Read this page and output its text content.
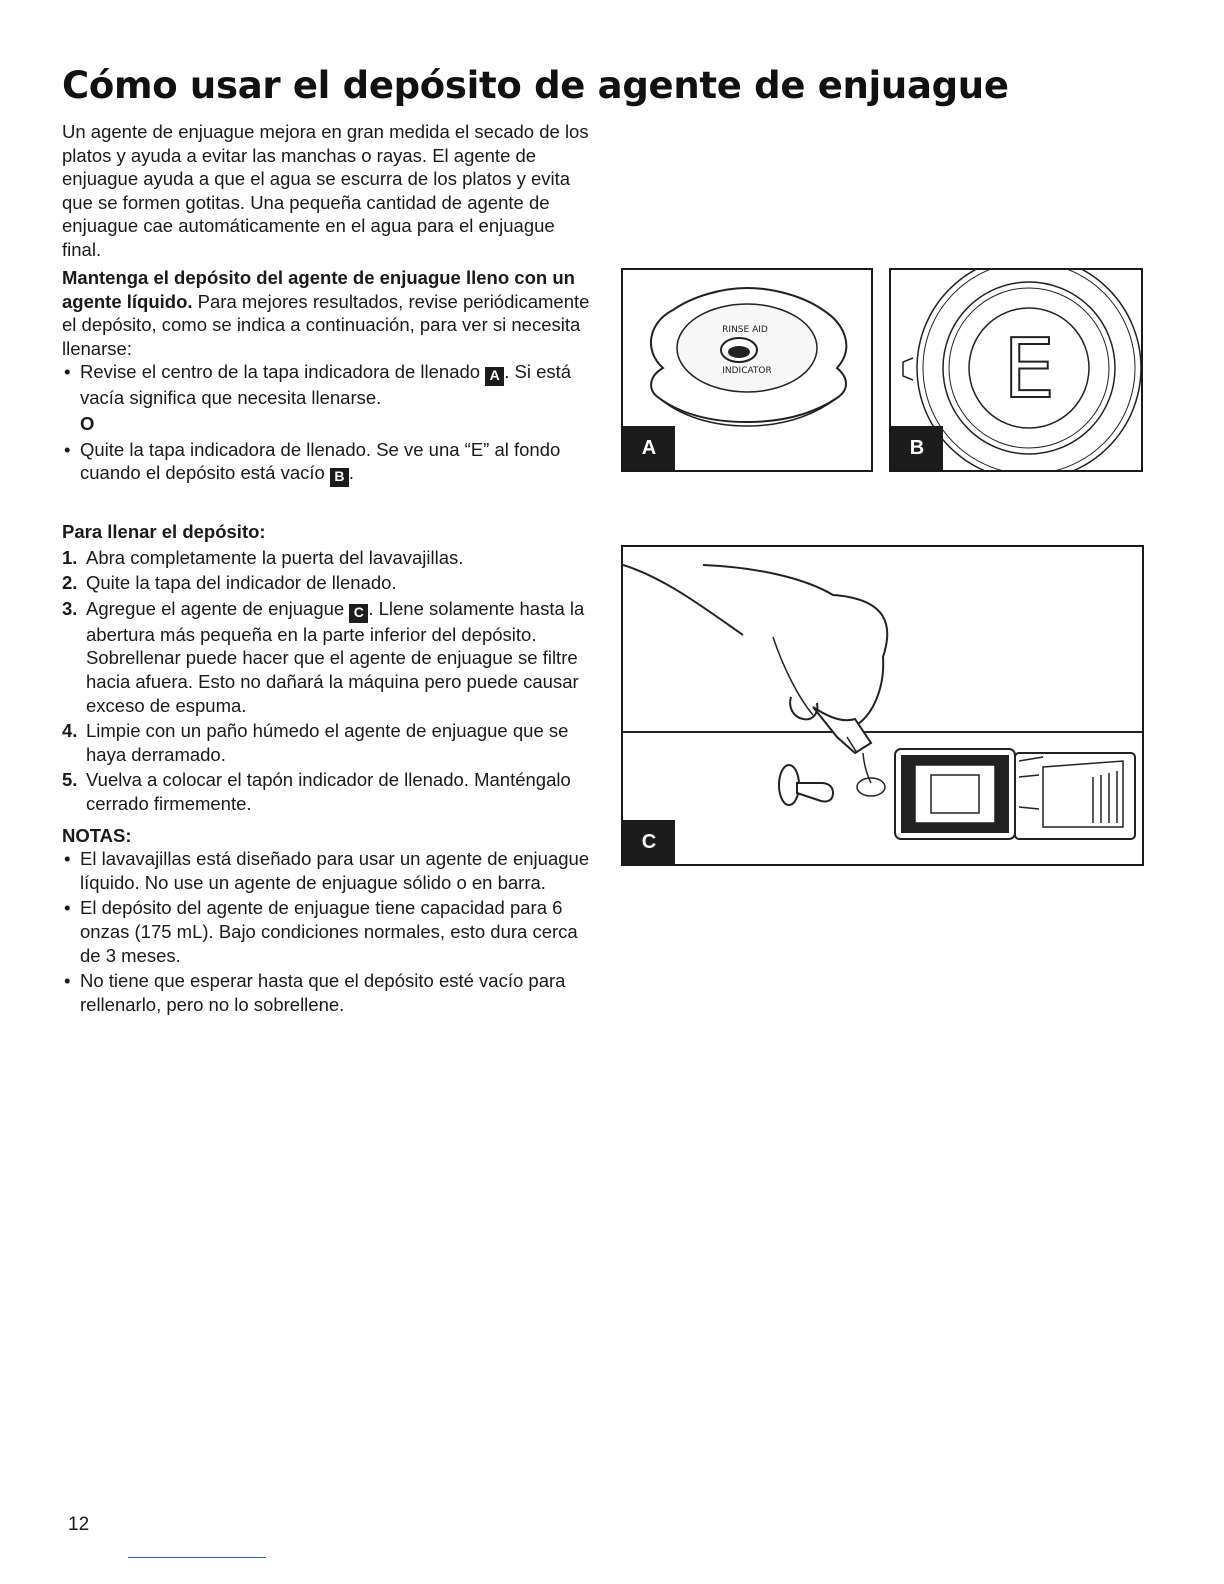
Cómo usar el depósito de agente de enjuague

Un agente de enjuague mejora en gran medida el secado de los platos y ayuda a evitar las manchas o rayas. El agente de enjuague ayuda a que el agua se escurra de los platos y evita que se formen gotitas. Una pequeña cantidad de agente de enjuague cae automáticamente en el agua para el enjuague final.

Mantenga el depósito del agente de enjuague lleno con un agente líquido. Para mejores resultados, revise periódicamente el depósito, como se indica a continuación, para ver si necesita llenarse:

• Revise el centro de la tapa indicadora de llenado A . Si está vacía significa que necesita llenarse.
O
• Quite la tapa indicadora de llenado. Se ve una “E” al fondo cuando el depósito está vacío B .

Para llenar el depósito:

1. Abra completamente la puerta del lavavajillas.
2. Quite la tapa del indicador de llenado.
3. Agregue el agente de enjuague C . Llene solamente hasta la abertura más pequeña en la parte inferior del depósito. Sobrellenar puede hacer que el agente de enjuague se filtre hacia afuera. Esto no dañará la máquina pero puede causar exceso de espuma.
4. Limpie con un paño húmedo el agente de enjuague que se haya derramado.
5. Vuelva a colocar el tapón indicador de llenado. Manténgalo cerrado firmemente.

NOTAS:

• El lavavajillas está diseñado para usar un agente de enjuague líquido. No use un agente de enjuague sólido o en barra.
• El depósito del agente de enjuague tiene capacidad para 6 onzas (175 mL). Bajo condiciones normales, esto dura cerca de 3 meses.
• No tiene que esperar hasta que el depósito esté vacío para rellenarlo, pero no lo sobrellene.
RINSE AID
INDICATOR
A
E
B
C
12
